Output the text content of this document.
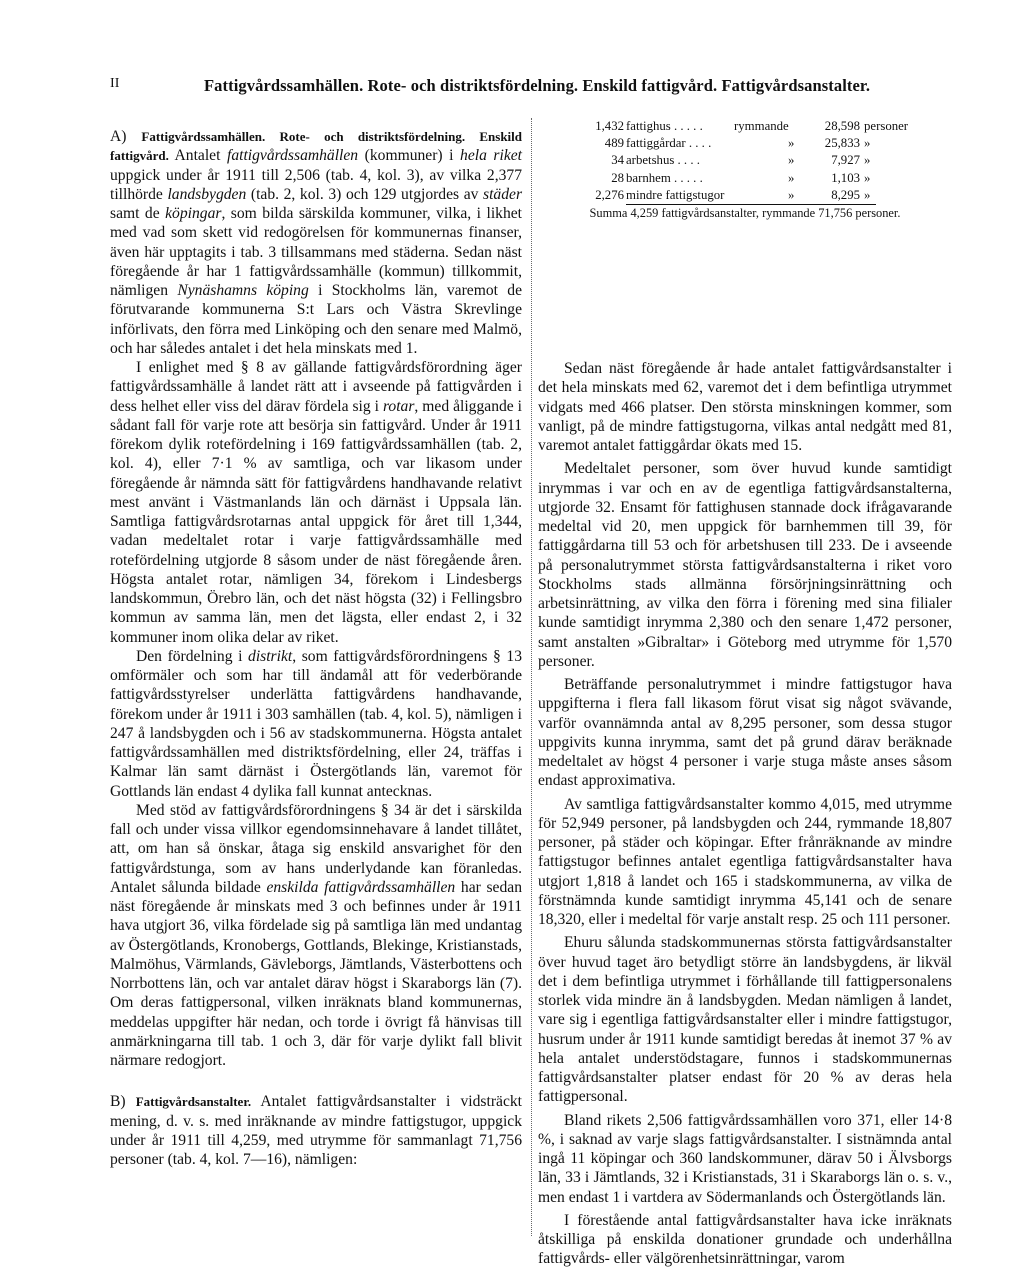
II	Fattigvårdssamhällen. Rote- och distriktsfördelning. Enskild fattigvård. Fattigvårdsanstalter.

A) Fattigvårdssamhällen. Rote- och distriktsfördelning. Enskild fattigvård. Antalet fattigvårdssamhällen (kommuner) i hela riket uppgick under år 1911 till 2,506 (tab. 4, kol. 3), av vilka 2,377 tillhörde landsbygden (tab. 2, kol. 3) och 129 utgjordes av städer samt de köpingar, som bilda särskilda kommuner, vilka, i likhet med vad som skett vid redogörelsen för kommunernas finanser, även här upptagits i tab. 3 tillsammans med städerna. Sedan näst föregående år har 1 fattigvårdssamhälle (kommun) tillkommit, nämligen Nynäshamns köping i Stockholms län, varemot de förutvarande kommunerna S:t Lars och Västra Skrevlinge införlivats, den förra med Linköping och den senare med Malmö, och har således antalet i det hela minskats med 1.

I enlighet med § 8 av gällande fattigvårdsförordning äger fattigvårdssamhälle å landet rätt att i avseende på fattigvården i dess helhet eller viss del därav fördela sig i rotar, med åliggande i sådant fall för varje rote att besörja sin fattigvård. Under år 1911 förekom dylik rotefördelning i 169 fattigvårdssamhällen (tab. 2, kol. 4), eller 7·1 % av samtliga, och var likasom under föregående år nämnda sätt för fattigvårdens handhavande relativt mest använt i Västmanlands län och därnäst i Uppsala län. Samtliga fattigvårdsrotarnas antal uppgick för året till 1,344, vadan medeltalet rotar i varje fattigvårdssamhälle med rotefördelning utgjorde 8 såsom under de näst föregående åren. Högsta antalet rotar, nämligen 34, förekom i Lindesbergs landskommun, Örebro län, och det näst högsta (32) i Fellingsbro kommun av samma län, men det lägsta, eller endast 2, i 32 kommuner inom olika delar av riket.

Den fördelning i distrikt, som fattigvårdsförordningens § 13 omförmäler och som har till ändamål att för vederbörande fattigvårdsstyrelser underlätta fattigvårdens handhavande, förekom under år 1911 i 303 samhällen (tab. 4, kol. 5), nämligen i 247 å landsbygden och i 56 av stadskommunerna. Högsta antalet fattigvårdssamhällen med distriktsfördelning, eller 24, träffas i Kalmar län samt därnäst i Östergötlands län, varemot för Gottlands län endast 4 dylika fall kunnat antecknas.

Med stöd av fattigvårdsförordningens § 34 är det i särskilda fall och under vissa villkor egendomsinnehavare å landet tillåtet, att, om han så önskar, åtaga sig enskild ansvarighet för den fattigvårdstunga, som av hans underlydande kan föranledas. Antalet sålunda bildade enskilda fattigvårdssamhällen har sedan näst föregående år minskats med 3 och befinnes under år 1911 hava utgjort 36, vilka fördelade sig på samtliga län med undantag av Östergötlands, Kronobergs, Gottlands, Blekinge, Kristianstads, Malmöhus, Värmlands, Gävleborgs, Jämtlands, Västerbottens och Norrbottens län, och var antalet därav högst i Skaraborgs län (7). Om deras fattigpersonal, vilken inräknats bland kommunernas, meddelas uppgifter här nedan, och torde i övrigt få hänvisas till anmärkningarna till tab. 1 och 3, där för varje dylikt fall blivit närmare redogjort.

B) Fattigvårdsanstalter. Antalet fattigvårdsanstalter i vidsträckt mening, d. v. s. med inräknande av mindre fattigstugor, uppgick under år 1911 till 4,259, med utrymme för sammanlagt 71,756 personer (tab. 4, kol. 7—16), nämligen:

1,432 fattighus . . . . . rymmande	28,598 personer
489 fattiggårdar . . . .	»	25,833 »
34 arbetshus . . . .	»	7,927 »
28 barnhem . . . . .	»	1,103 »
2,276 mindre fattigstugor	»	8,295 »
Summa 4,259 fattigvårdsanstalter, rymmande 71,756 personer.

Sedan näst föregående år hade antalet fattigvårdsanstalter i det hela minskats med 62, varemot det i dem befintliga utrymmet vidgats med 466 platser. Den största minskningen kommer, som vanligt, på de mindre fattigstugorna, vilkas antal nedgått med 81, varemot antalet fattiggårdar ökats med 15.

Medeltalet personer, som över huvud kunde samtidigt inrymmas i var och en av de egentliga fattigvårdsanstalterna, utgjorde 32. Ensamt för fattighusen stannade dock ifrågavarande medeltal vid 20, men uppgick för barnhemmen till 39, för fattiggårdarna till 53 och för arbetshusen till 233. De i avseende på personalutrymmet största fattigvårdsanstalterna i riket voro Stockholms stads allmänna försörjningsinrättning och arbetsinrättning, av vilka den förra i förening med sina filialer kunde samtidigt inrymma 2,380 och den senare 1,472 personer, samt anstalten »Gibraltar» i Göteborg med utrymme för 1,570 personer.

Beträffande personalutrymmet i mindre fattigstugor hava uppgifterna i flera fall likasom förut visat sig något svävande, varför ovannämnda antal av 8,295 personer, som dessa stugor uppgivits kunna inrymma, samt det på grund därav beräknade medeltalet av högst 4 personer i varje stuga måste anses såsom endast approximativa.

Av samtliga fattigvårdsanstalter kommo 4,015, med utrymme för 52,949 personer, på landsbygden och 244, rymmande 18,807 personer, på städer och köpingar. Efter frånräknande av mindre fattigstugor befinnes antalet egentliga fattigvårdsanstalter hava utgjort 1,818 å landet och 165 i stadskommunerna, av vilka de förstnämnda kunde samtidigt inrymma 45,141 och de senare 18,320, eller i medeltal för varje anstalt resp. 25 och 111 personer.

Ehuru sålunda stadskommunernas största fattigvårdsanstalter över huvud taget äro betydligt större än landsbygdens, är likväl det i dem befintliga utrymmet i förhållande till fattigpersonalens storlek vida mindre än å landsbygden. Medan nämligen å landet, vare sig i egentliga fattigvårdsanstalter eller i mindre fattigstugor, husrum under år 1911 kunde samtidigt beredas åt inemot 37 % av hela antalet understödstagare, funnos i stadskommunernas fattigvårdsanstalter platser endast för 20 % av deras hela fattigpersonal.

Bland rikets 2,506 fattigvårdssamhällen voro 371, eller 14·8 %, i saknad av varje slags fattigvårdsanstalter. I sistnämnda antal ingå 11 köpingar och 360 landskommuner, därav 50 i Älvsborgs län, 33 i Jämtlands, 32 i Kristianstads, 31 i Skaraborgs län o. s. v., men endast 1 i vartdera av Södermanlands och Östergötlands län.

I förestående antal fattigvårdsanstalter hava icke inräknats åtskilliga på enskilda donationer grundade och underhållna fattigvårds- eller välgörenhetsinrättningar, varom
